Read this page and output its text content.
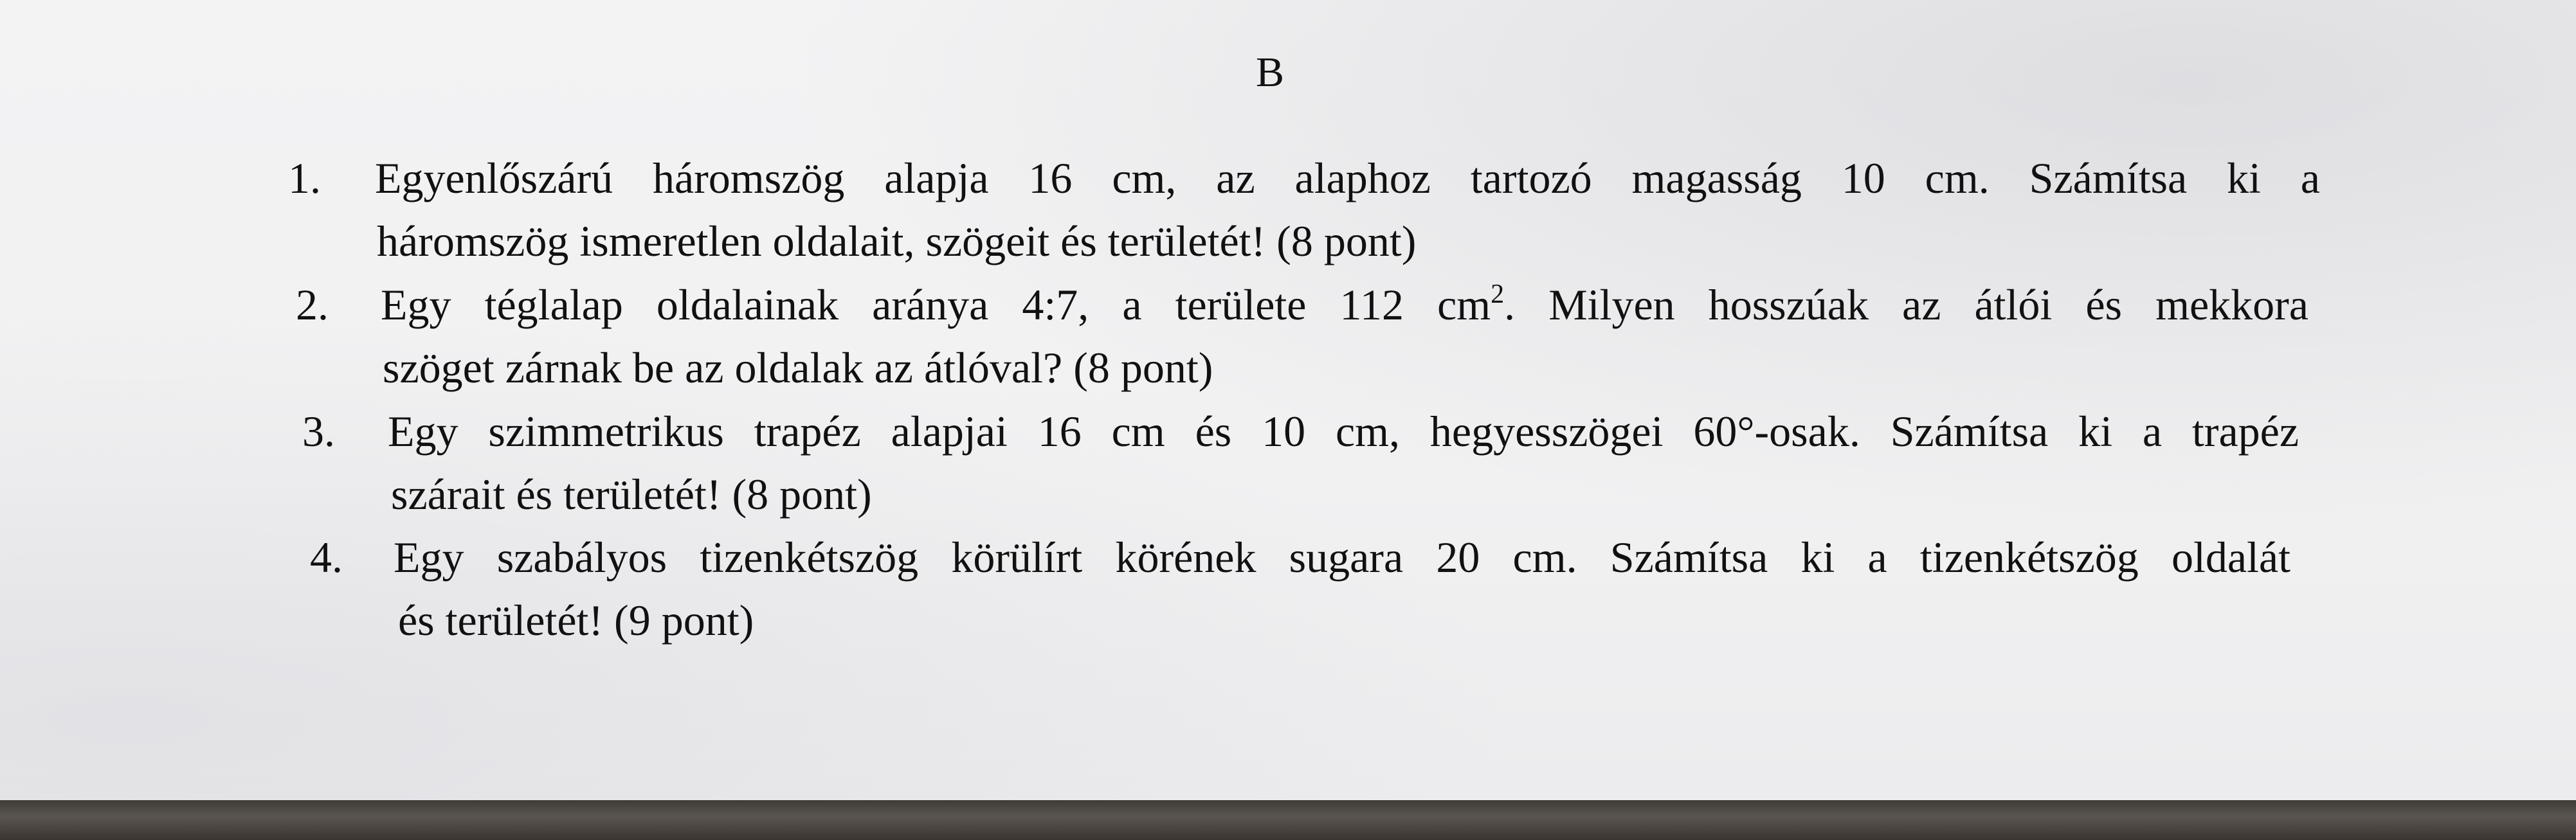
B
1. Egyenlőszárú háromszög alapja 16 cm, az alaphoz tartozó magasság 10 cm. Számítsa ki a
háromszög ismeretlen oldalait, szögeit és területét! (8 pont)
2. Egy téglalap oldalainak aránya 4:7, a területe 112 $cm^2$. Milyen hosszúak az átlói és mekkora
szöget zárnak be az oldalak az átlóval? (8 pont)
3. Egy szimmetrikus trapéz alapjai 16 cm és 10 cm, hegyesszögei 60°-osak. Számítsa ki a trapéz
szárait és területét! (8 pont)
4. Egy szabályos tizenkétszög körülírt körének sugara 20 cm. Számítsa ki a tizenkétszög oldalát
és területét! (9 pont)
